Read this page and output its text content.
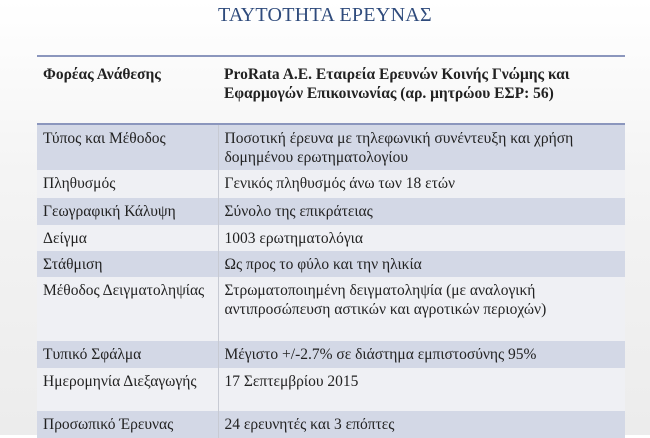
ΤΑΥΤΟΤΗΤΑ ΕΡΕΥΝΑΣ
Φορέας Ανάθεσης	ProRata A.E. Εταιρεία Ερευνών Κοινής Γνώμης και Εφαρμογών Επικοινωνίας (αρ. μητρώου ΕΣΡ: 56)
Τύπος και Μέθοδος	Ποσοτική έρευνα με τηλεφωνική συνέντευξη και χρήση δομημένου ερωτηματολογίου
Πληθυσμός	Γενικός πληθυσμός άνω των 18 ετών
Γεωγραφική Κάλυψη	Σύνολο της επικράτειας
Δείγμα	1003 ερωτηματολόγια
Στάθμιση	Ως προς το φύλο και την ηλικία
Μέθοδος Δειγματοληψίας	Στρωματοποιημένη δειγματοληψία (με αναλογική αντιπροσώπευση αστικών και αγροτικών περιοχών)
Τυπικό Σφάλμα	Μέγιστο +/-2.7% σε διάστημα εμπιστοσύνης 95%
Ημερομηνία Διεξαγωγής	17 Σεπτεμβρίου 2015
Προσωπικό Έρευνας	24 ερευνητές και 3 επόπτες
